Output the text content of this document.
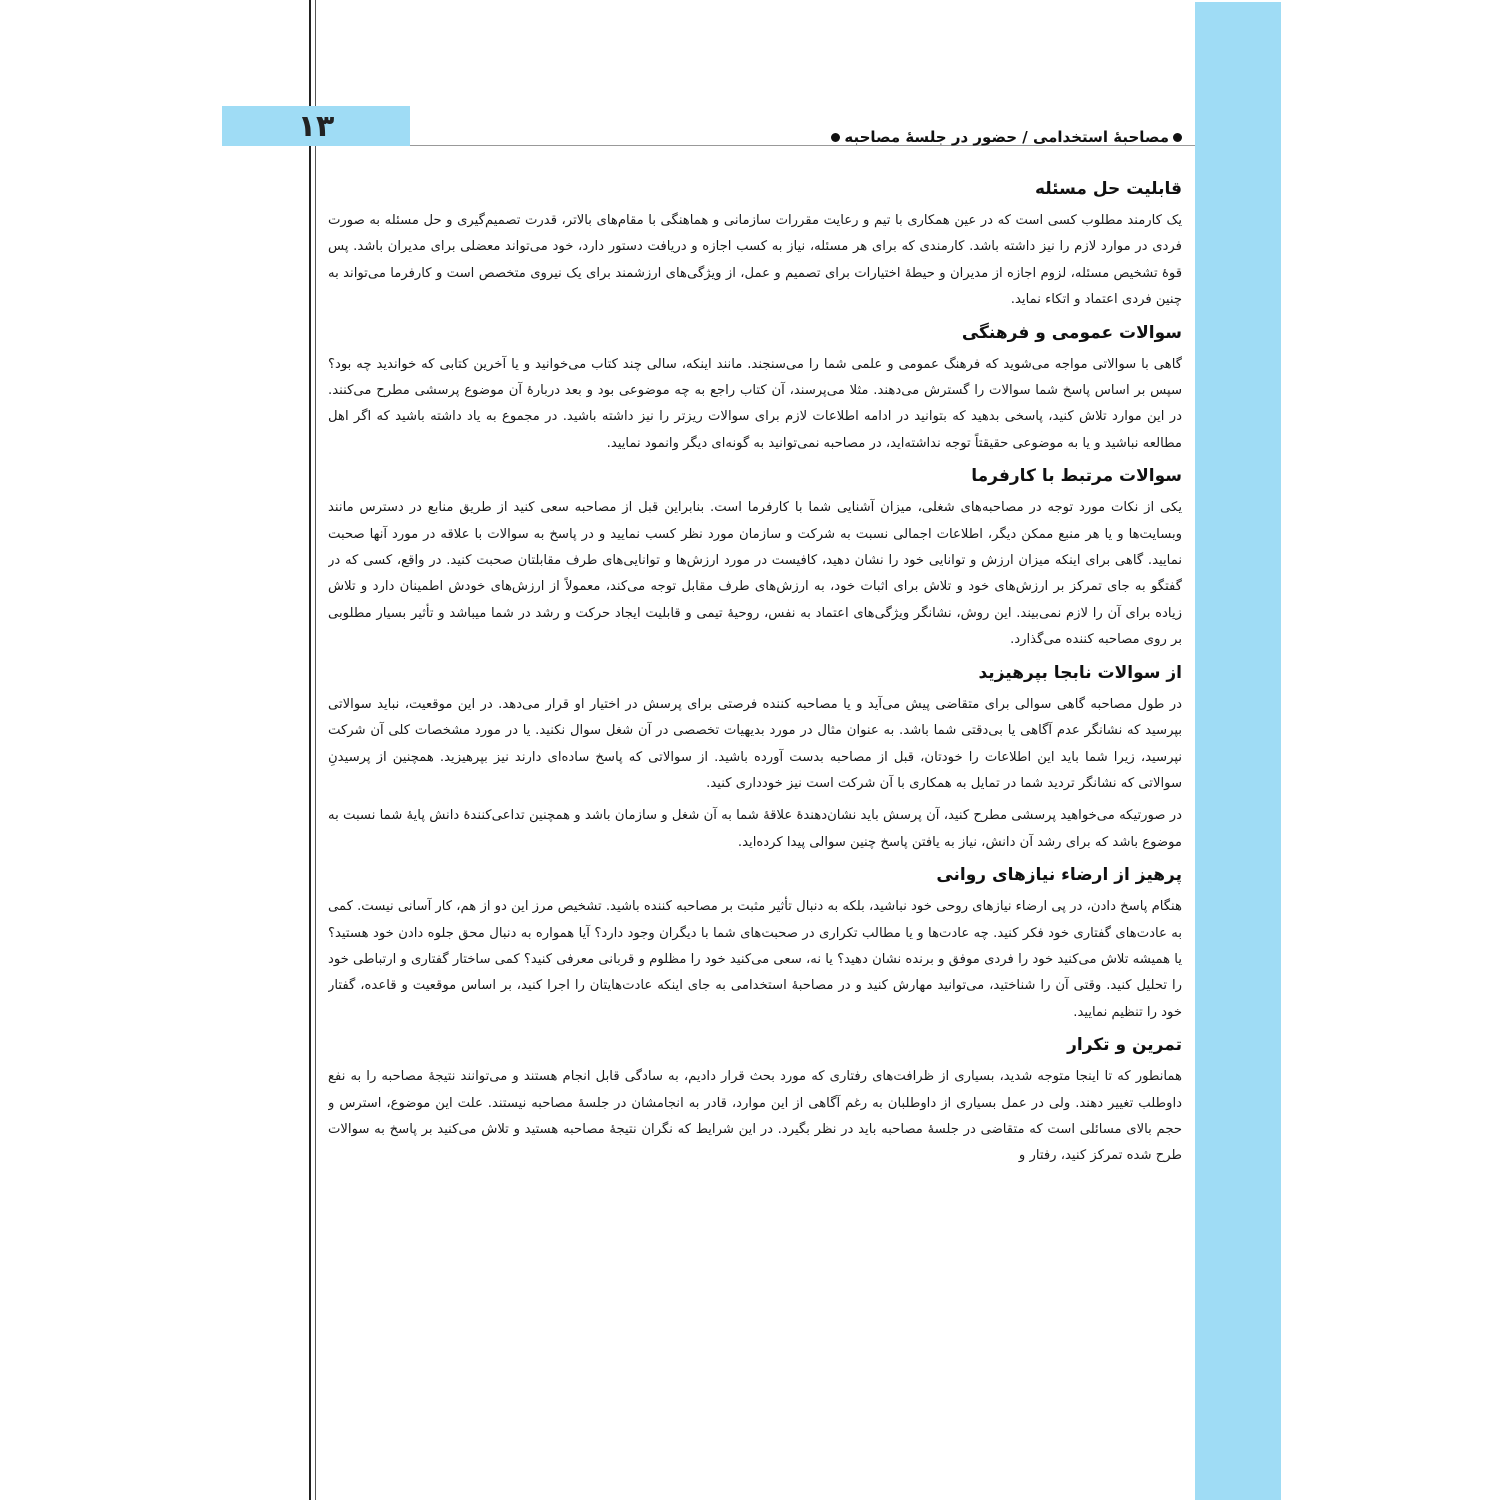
۱۳	مصاحبهٔ استخدامی / حضور در جلسهٔ مصاحبه
قابلیت حل مسئله

یک کارمند مطلوب کسی است که در عین همکاری با تیم و رعایت مقررات سازمانی و هماهنگی با مقام‌های بالاتر، قدرت تصمیم‌گیری و حل مسئله به صورت فردی در موارد لازم را نیز داشته باشد. کارمندی که برای هر مسئله، نیاز به کسب اجازه و دریافت دستور دارد، خود می‌تواند معضلی برای مدیران باشد. پس قوهٔ تشخیص مسئله، لزوم اجازه از مدیران و حیطهٔ اختیارات برای تصمیم و عمل، از ویژگی‌های ارزشمند برای یک نیروی متخصص است و کارفرما می‌تواند به چنین فردی اعتماد و اتکاء نماید.

سوالات عمومی و فرهنگی

گاهی با سوالاتی مواجه می‌شوید که فرهنگ عمومی و علمی شما را می‌سنجند. مانند اینکه، سالی چند کتاب می‌خوانید و یا آخرین کتابی که خواندید چه بود؟ سپس بر اساس پاسخ شما سوالات را گسترش می‌دهند. مثلا می‌پرسند، آن کتاب راجع به چه موضوعی بود و بعد دربارهٔ آن موضوع پرسشی مطرح می‌کنند. در این موارد تلاش کنید، پاسخی بدهید که بتوانید در ادامه اطلاعات لازم برای سوالات ریزتر را نیز داشته باشید. در مجموع به یاد داشته باشید که اگر اهل مطالعه نباشید و یا به موضوعی حقیقتاً توجه نداشته‌اید، در مصاحبه نمی‌توانید به گونه‌ای دیگر وانمود نمایید.

سوالات مرتبط با کارفرما

یکی از نکات مورد توجه در مصاحبه‌های شغلی، میزان آشنایی شما با کارفرما است. بنابراین قبل از مصاحبه سعی کنید از طریق منابع در دسترس مانند وبسایت‌ها و یا هر منبع ممکن دیگر، اطلاعات اجمالی نسبت به شرکت و سازمان مورد نظر کسب نمایید و در پاسخ به سوالات با علاقه در مورد آنها صحبت نمایید. گاهی برای اینکه میزان ارزش و توانایی خود را نشان دهید، کافیست در مورد ارزش‌ها و توانایی‌های طرف مقابلتان صحبت کنید. در واقع، کسی که در گفتگو به جای تمرکز بر ارزش‌های خود و تلاش برای اثبات خود، به ارزش‌های طرف مقابل توجه می‌کند، معمولاً از ارزش‌های خودش اطمینان دارد و تلاش زیاده برای آن را لازم نمی‌بیند. این روش، نشانگر ویژگی‌های اعتماد به نفس، روحیهٔ تیمی و قابلیت ایجاد حرکت و رشد در شما میباشد و تأثیر بسیار مطلوبی بر روی مصاحبه کننده می‌گذارد.

از سوالات نابجا بپرهیزید

در طول مصاحبه گاهی سوالی برای متقاضی پیش می‌آید و یا مصاحبه کننده فرصتی برای پرسش در اختیار او قرار می‌دهد. در این موقعیت، نباید سوالاتی بپرسید که نشانگر عدم آگاهی یا بی‌دقتی شما باشد. به عنوان مثال در مورد بدیهیات تخصصی در آن شغل سوال نکنید. یا در مورد مشخصات کلی آن شرکت نپرسید، زیرا شما باید این اطلاعات را خودتان، قبل از مصاحبه بدست آورده باشید. از سوالاتی که پاسخ ساده‌ای دارند نیز بپرهیزید. همچنین از پرسیدنِ سوالاتی که نشانگر تردید شما در تمایل به همکاری با آن شرکت است نیز خودداری کنید.

در صورتیکه می‌خواهید پرسشی مطرح کنید، آن پرسش باید نشان‌دهندهٔ علاقهٔ شما به آن شغل و سازمان باشد و همچنین تداعی‌کنندهٔ دانش پایهٔ شما نسبت به موضوع باشد که برای رشد آن دانش، نیاز به یافتن پاسخ چنین سوالی پیدا کرده‌اید.

پرهیز از ارضاء نیازهای روانی

هنگام پاسخ دادن، در پی ارضاء نیازهای روحی خود نباشید، بلکه به دنبال تأثیر مثبت بر مصاحبه کننده باشید. تشخیص مرز این دو از هم، کار آسانی نیست. کمی به عادت‌های گفتاری خود فکر کنید. چه عادت‌ها و یا مطالب تکراری در صحبت‌های شما با دیگران وجود دارد؟ آیا همواره به دنبال محق جلوه دادن خود هستید؟ یا همیشه تلاش می‌کنید خود را فردی موفق و برنده نشان دهید؟ یا نه، سعی می‌کنید خود را مظلوم و قربانی معرفی کنید؟ کمی ساختار گفتاری و ارتباطی خود را تحلیل کنید. وقتی آن را شناختید، می‌توانید مهارش کنید و در مصاحبهٔ استخدامی به جای اینکه عادت‌هایتان را اجرا کنید، بر اساس موقعیت و قاعده، گفتار خود را تنظیم نمایید.

تمرین و تکرار

همانطور که تا اینجا متوجه شدید، بسیاری از ظرافت‌های رفتاری که مورد بحث قرار دادیم، به سادگی قابل انجام هستند و می‌توانند نتیجهٔ مصاحبه را به نفع داوطلب تغییر دهند. ولی در عمل بسیاری از داوطلبان به رغم آگاهی از این موارد، قادر به انجامشان در جلسهٔ مصاحبه نیستند. علت این موضوع، استرس و حجم بالای مسائلی است که متقاضی در جلسهٔ مصاحبه باید در نظر بگیرد. در این شرایط که نگران نتیجهٔ مصاحبه هستید و تلاش می‌کنید بر پاسخ به سوالات طرح شده تمرکز کنید، رفتار و
